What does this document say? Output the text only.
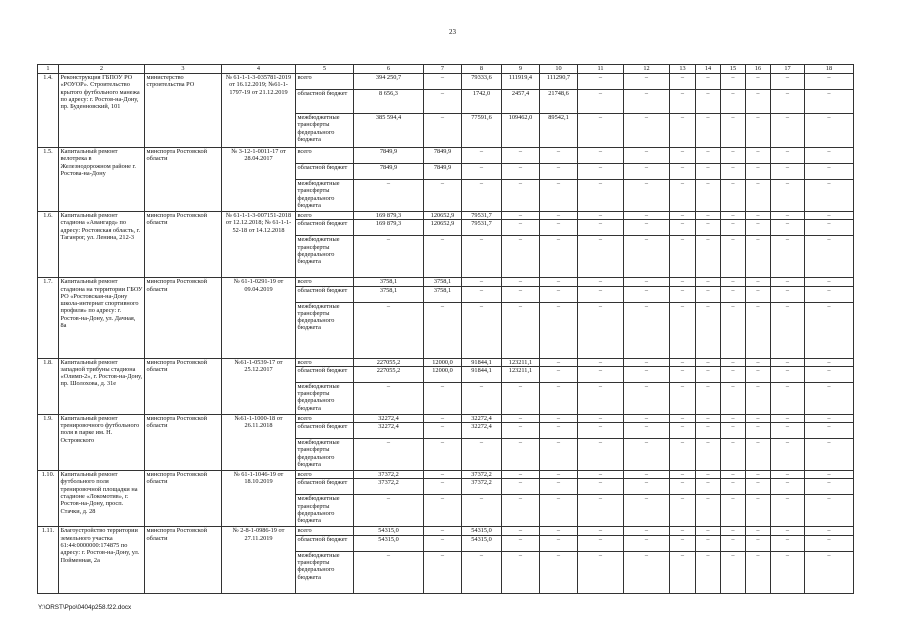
23
1	2	3	4	5	6	7	8	9	10	11	12	13	14	15	16	17	18
1.4.	Реконструкция ГБПОУ РО «РОУОР». Строительство крытого футбольного манежа по адресу: г. Ростов-на-Дону, пр. Буденновский, 101	министерство строительства РО	№ 61-1-1-3-035781-2019 от 16.12.2019; №61-1-1797-19 от 21.12.2019	всего	394 250,7	–	79333,6	111919,4	111290,7	–	–	–	–	–	–	–	–
				областной бюджет	8 656,3	–	1742,0	2457,4	21748,6	–	–	–	–	–	–	–	–
				межбюджетные трансферты федерального бюджета	385 594,4	–	77591,6	109462,0	89542,1	–	–	–	–	–	–	–	–
1.5.	Капитальный ремонт велотрека в Железнодорожном районе г. Ростова-на-Дону	минспорта Ростовской области	№ 3-12-1-0011-17 от 28.04.2017	всего	7849,9	7849,9	–	–	–	–	–	–	–	–	–	–	–
				областной бюджет	7849,9	7849,9	–	–	–	–	–	–	–	–	–	–	–
				межбюджетные трансферты федерального бюджета	–	–	–	–	–	–	–	–	–	–	–	–	–
1.6.	Капитальный ремонт стадиона «Авангард» по адресу: Ростовская область, г. Таганрог, ул. Ленина, 212-3	минспорта Ростовской области	№ 61-1-1-3-007151-2018 от 12.12.2018; № 61-1-1-52-18 от 14.12.2018	всего	169 879,3	120652,9	79531,7	–	–	–	–	–	–	–	–	–	–
				областной бюджет	169 879,3	120652,9	79531,7	–	–	–	–	–	–	–	–	–	–
				межбюджетные трансферты федерального бюджета	–	–	–	–	–	–	–	–	–	–	–	–	–
1.7.	Капитальный ремонт стадиона на территории ГБОУ РО «Ростовская-на-Дону школа-интернат спортивного профиля» по адресу: г. Ростов-на-Дону, ул. Дачная, 8а	минспорта Ростовской области	№ 61-1-0291-19 от 09.04.2019	всего	3758,1	3758,1	–	–	–	–	–	–	–	–	–	–	–
				областной бюджет	3758,1	3758,1	–	–	–	–	–	–	–	–	–	–	–
				межбюджетные трансферты федерального бюджета	–	–	–	–	–	–	–	–	–	–	–	–	–
1.8.	Капитальный ремонт западной трибуны стадиона «Олимп-2», г. Ростов-на-Дону, пр. Шолохова, д. 31е	минспорта Ростовской области	№61-1-0539-17 от 25.12.2017	всего	227055,2	12000,0	91844,1	123211,1	–	–	–	–	–	–	–	–	–
				областной бюджет	227055,2	12000,0	91844,1	123211,1	–	–	–	–	–	–	–	–	–
				межбюджетные трансферты федерального бюджета	–	–	–	–	–	–	–	–	–	–	–	–	–
1.9.	Капитальный ремонт тренировочного футбольного поля в парке им. Н. Островского	минспорта Ростовской области	№61-1-1000-18 от 26.11.2018	всего	32272,4	–	32272,4	–	–	–	–	–	–	–	–	–	–
				областной бюджет	32272,4	–	32272,4	–	–	–	–	–	–	–	–	–	–
				межбюджетные трансферты федерального бюджета	–	–	–	–	–	–	–	–	–	–	–	–	–
1.10.	Капитальный ремонт футбольного поля тренировочной площадки на стадионе «Локомотив», г. Ростов-на-Дону, просп. Стачки, д. 28	минспорта Ростовской области	№ 61-1-1046-19 от 18.10.2019	всего	37372,2	–	37372,2	–	–	–	–	–	–	–	–	–	–
				областной бюджет	37372,2	–	37372,2	–	–	–	–	–	–	–	–	–	–
				межбюджетные трансферты федерального бюджета	–	–	–	–	–	–	–	–	–	–	–	–	–
1.11.	Благоустройство территории земельного участка 61:44:0000000:174875 по адресу: г. Ростов-на-Дону, ул. Пойменная, 2а	минспорта Ростовской области	№ 2-8-1-0986-19 от 27.11.2019	всего	54315,0	–	54315,0	–	–	–	–	–	–	–	–	–	–
				областной бюджет	54315,0	–	54315,0	–	–	–	–	–	–	–	–	–	–
				межбюджетные трансферты федерального бюджета	–	–	–	–	–	–	–	–	–	–	–	–	–
Y:\ORST\Ppo\0404p258.f22.docx
